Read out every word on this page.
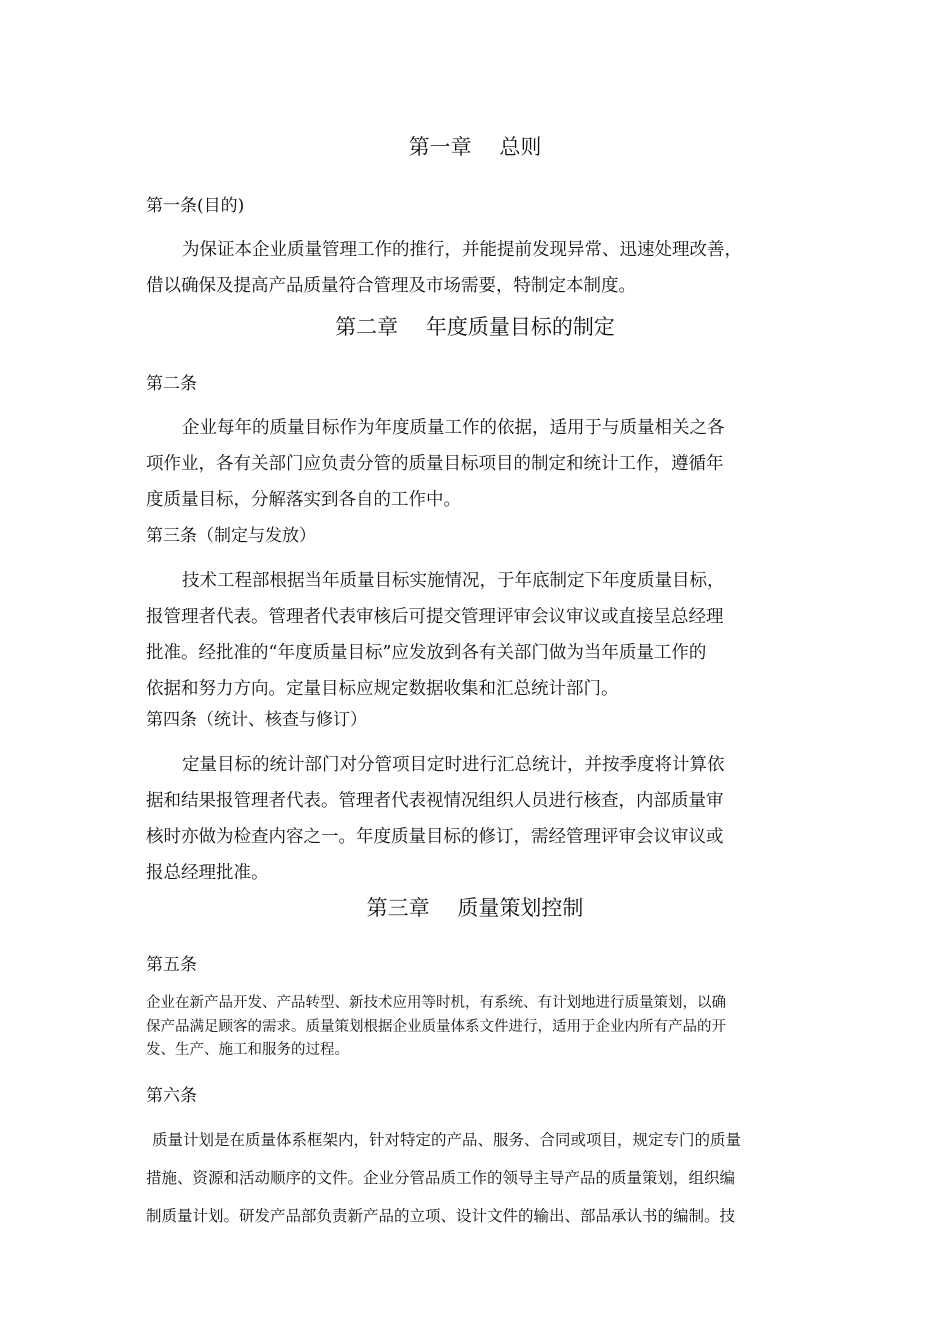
第一章　 总则

第一条(目的)

为保证本企业质量管理工作的推行，并能提前发现异常、迅速处理改善，
借以确保及提高产品质量符合管理及市场需要，特制定本制度。
第二章　 年度质量目标的制定

第二条

企业每年的质量目标作为年度质量工作的依据，适用于与质量相关之各
项作业，各有关部门应负责分管的质量目标项目的制定和统计工作，遵循年
度质量目标，分解落实到各自的工作中。

第三条（制定与发放）

技术工程部根据当年质量目标实施情况，于年底制定下年度质量目标，
报管理者代表。管理者代表审核后可提交管理评审会议审议或直接呈总经理
批准。经批准的“年度质量目标”应发放到各有关部门做为当年质量工作的
依据和努力方向。定量目标应规定数据收集和汇总统计部门。

第四条（统计、核查与修订）

定量目标的统计部门对分管项目定时进行汇总统计，并按季度将计算依
据和结果报管理者代表。管理者代表视情况组织人员进行核查，内部质量审
核时亦做为检查内容之一。年度质量目标的修订，需经管理评审会议审议或
报总经理批准。
第三章　 质量策划控制

第五条

企业在新产品开发、产品转型、新技术应用等时机，有系统、有计划地进行质量策划，以确
保产品满足顾客的需求。质量策划根据企业质量体系文件进行，适用于企业内所有产品的开
发、生产、施工和服务的过程。

第六条

质量计划是在质量体系框架内，针对特定的产品、服务、合同或项目，规定专门的质量
措施、资源和活动顺序的文件。企业分管品质工作的领导主导产品的质量策划，组织编
制质量计划。研发产品部负责新产品的立项、设计文件的输出、部品承认书的编制。技
